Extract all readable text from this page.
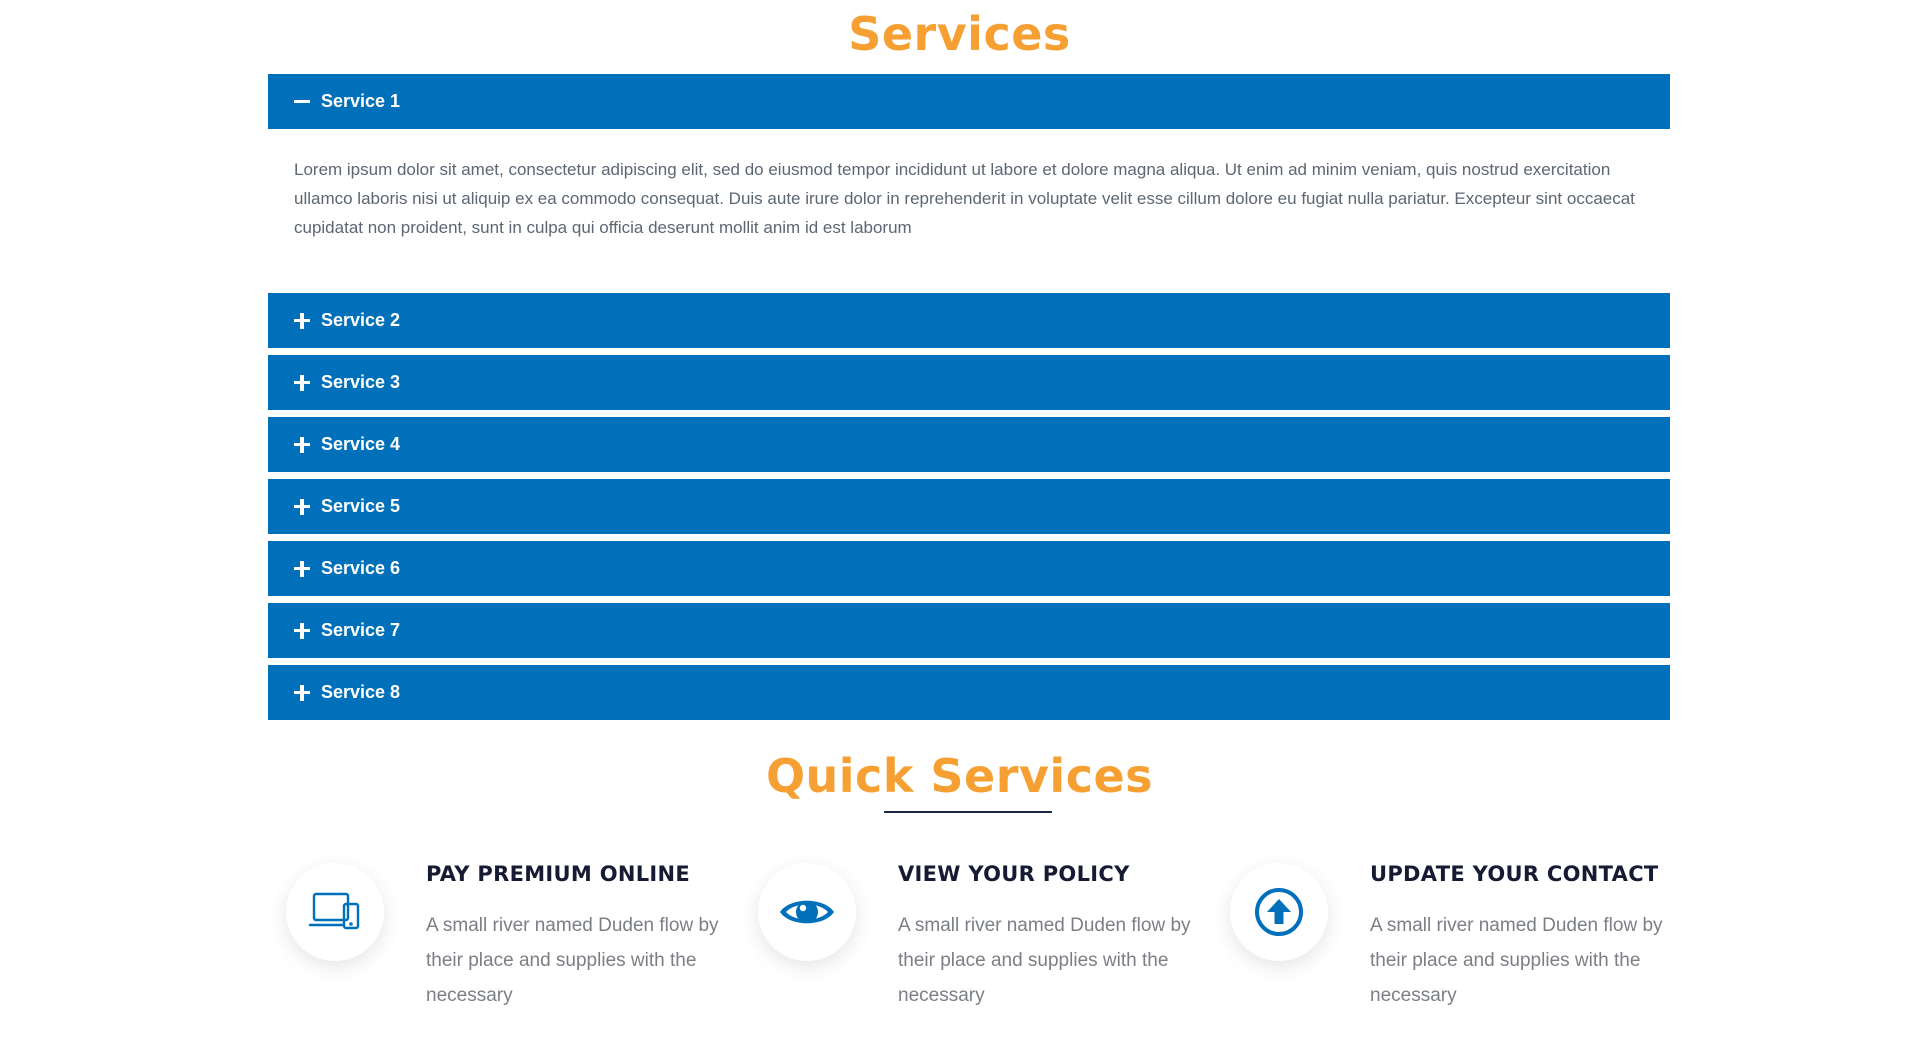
Services
Service 1

Lorem ipsum dolor sit amet, consectetur adipiscing elit, sed do eiusmod tempor incididunt ut labore et dolore magna aliqua. Ut enim ad minim veniam, quis nostrud exercitation ullamco laboris nisi ut aliquip ex ea commodo consequat. Duis aute irure dolor in reprehenderit in voluptate velit esse cillum dolore eu fugiat nulla pariatur. Excepteur sint occaecat cupidatat non proident, sunt in culpa qui officia deserunt mollit anim id est laborum

Service 2
Service 3
Service 4
Service 5
Service 6
Service 7
Service 8
Quick Services
PAY PREMIUM ONLINE

A small river named Duden flow by their place and supplies with the necessary

VIEW YOUR POLICY

A small river named Duden flow by their place and supplies with the necessary

UPDATE YOUR CONTACT

A small river named Duden flow by their place and supplies with the necessary
